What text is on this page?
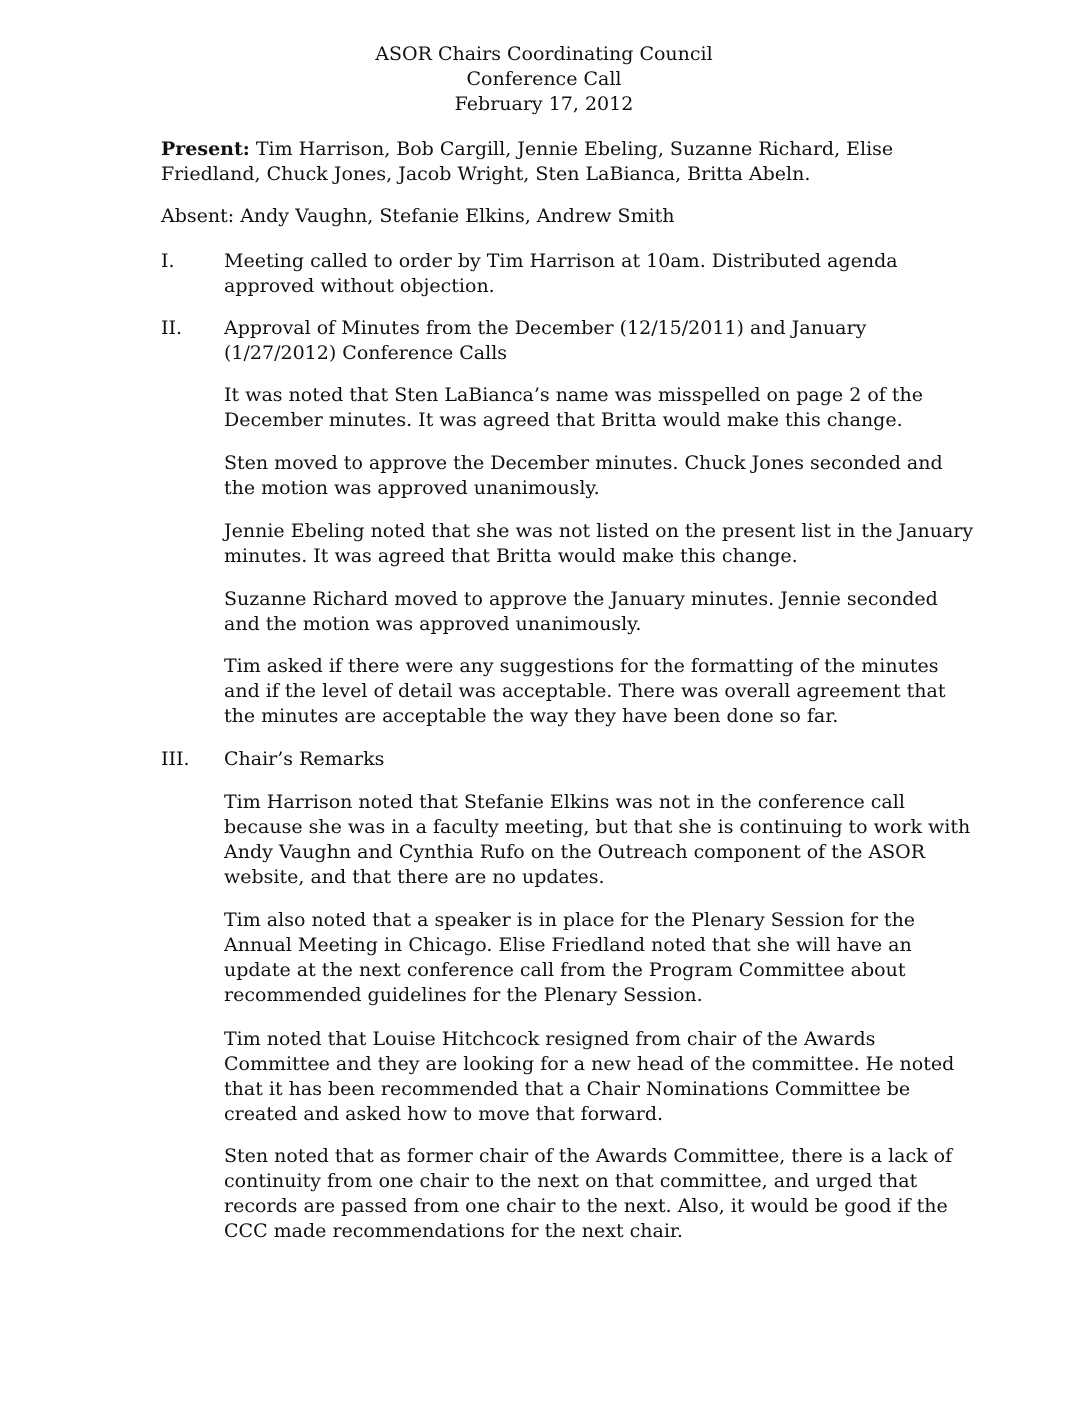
ASOR Chairs Coordinating Council
Conference Call
February 17, 2012
Present: Tim Harrison, Bob Cargill, Jennie Ebeling, Suzanne Richard, Elise
Friedland, Chuck Jones, Jacob Wright, Sten LaBianca, Britta Abeln.
Absent: Andy Vaughn, Stefanie Elkins, Andrew Smith
I.	Meeting called to order by Tim Harrison at 10am. Distributed agenda
approved without objection.
II. Approval of Minutes from the December (12/15/2011) and January
(1/27/2012) Conference Calls
It was noted that Sten LaBianca’s name was misspelled on page 2 of the
December minutes. It was agreed that Britta would make this change.
Sten moved to approve the December minutes. Chuck Jones seconded and
the motion was approved unanimously.
Jennie Ebeling noted that she was not listed on the present list in the January
minutes. It was agreed that Britta would make this change.
Suzanne Richard moved to approve the January minutes. Jennie seconded
and the motion was approved unanimously.
Tim asked if there were any suggestions for the formatting of the minutes
and if the level of detail was acceptable. There was overall agreement that
the minutes are acceptable the way they have been done so far.
III. Chair’s Remarks
Tim Harrison noted that Stefanie Elkins was not in the conference call
because she was in a faculty meeting, but that she is continuing to work with
Andy Vaughn and Cynthia Rufo on the Outreach component of the ASOR
website, and that there are no updates.
Tim also noted that a speaker is in place for the Plenary Session for the
Annual Meeting in Chicago. Elise Friedland noted that she will have an
update at the next conference call from the Program Committee about
recommended guidelines for the Plenary Session.
Tim noted that Louise Hitchcock resigned from chair of the Awards
Committee and they are looking for a new head of the committee. He noted
that it has been recommended that a Chair Nominations Committee be
created and asked how to move that forward.
Sten noted that as former chair of the Awards Committee, there is a lack of
continuity from one chair to the next on that committee, and urged that
records are passed from one chair to the next. Also, it would be good if the
CCC made recommendations for the next chair.
